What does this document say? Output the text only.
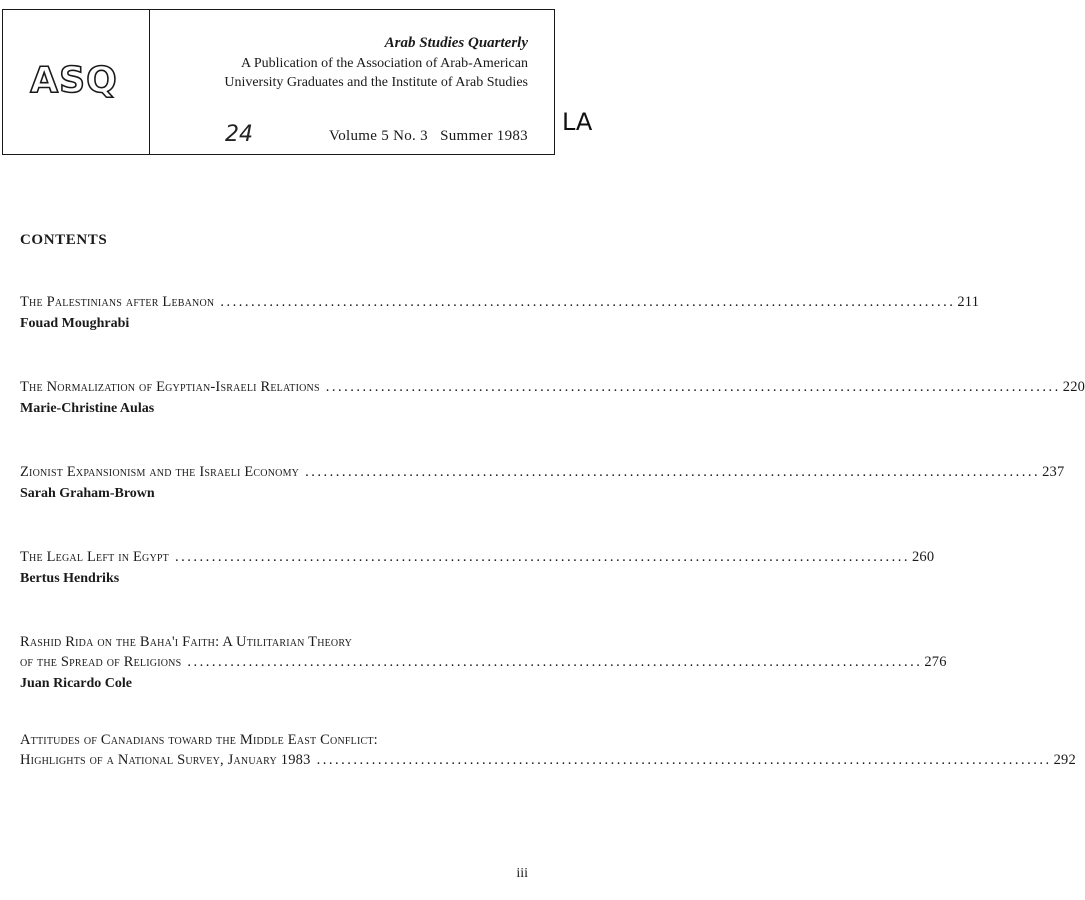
ASQ
Arab Studies Quarterly
A Publication of the Association of Arab-American
University Graduates and the Institute of Arab Studies
24	Volume 5 No. 3   Summer 1983 LA
CONTENTS
The Palestinians after Lebanon ........................................................................................................................ 211
Fouad Moughrabi
The Normalization of Egyptian-Israeli Relations ........................................................................................................................ 220
Marie-Christine Aulas
Zionist Expansionism and the Israeli Economy ........................................................................................................................ 237
Sarah Graham-Brown
The Legal Left in Egypt ........................................................................................................................ 260
Bertus Hendriks
Rashid Rida on the Baha'i Faith: A Utilitarian Theory
of the Spread of Religions ........................................................................................................................ 276
Juan Ricardo Cole
Attitudes of Canadians toward the Middle East Conflict:
Highlights of a National Survey, January 1983 ........................................................................................................................ 292
iii
